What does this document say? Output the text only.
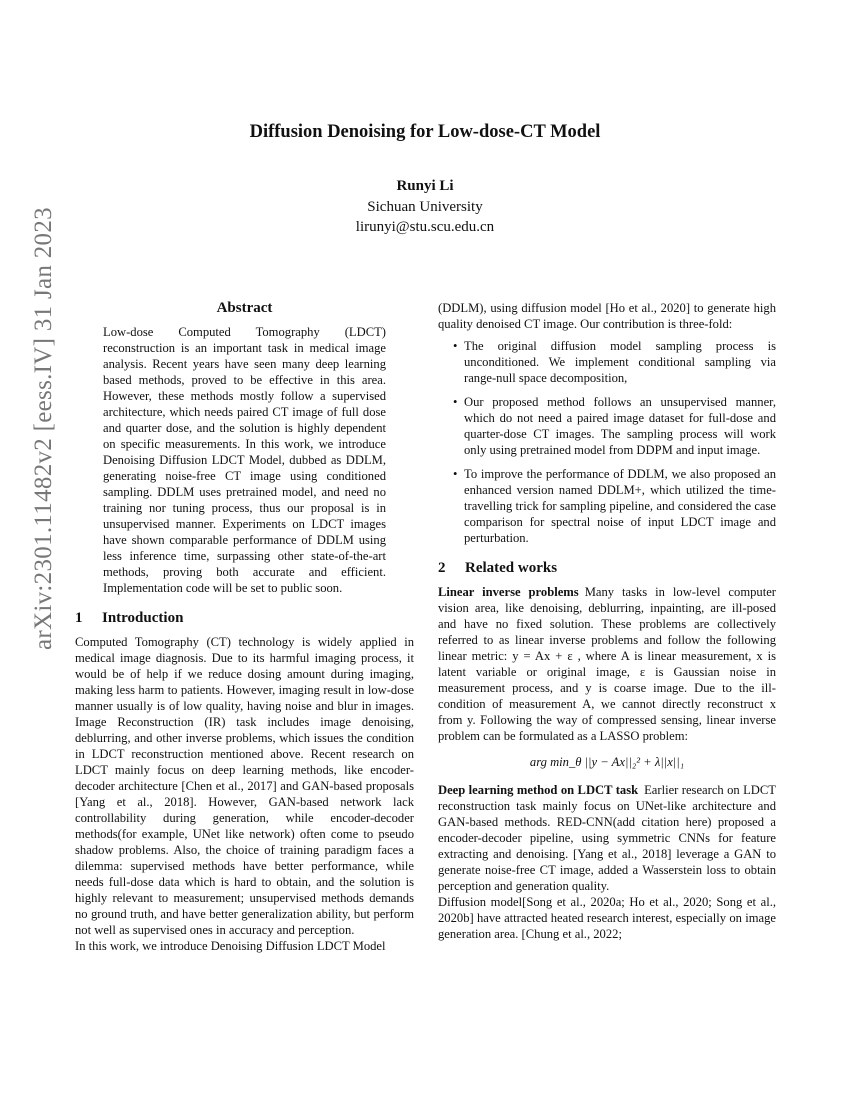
arXiv:2301.11482v2 [eess.IV] 31 Jan 2023
Diffusion Denoising for Low-dose-CT Model
Runyi Li
Sichuan University
lirunyi@stu.scu.edu.cn
Abstract

Low-dose Computed Tomography (LDCT) reconstruction is an important task in medical image analysis. Recent years have seen many deep learning based methods, proved to be effective in this area. However, these methods mostly follow a supervised architecture, which needs paired CT image of full dose and quarter dose, and the solution is highly dependent on specific measurements. In this work, we introduce Denoising Diffusion LDCT Model, dubbed as DDLM, generating noise-free CT image using conditioned sampling. DDLM uses pretrained model, and need no training nor tuning process, thus our proposal is in unsupervised manner. Experiments on LDCT images have shown comparable performance of DDLM using less inference time, surpassing other state-of-the-art methods, proving both accurate and efficient. Implementation code will be set to public soon.

1 Introduction

Computed Tomography (CT) technology is widely applied in medical image diagnosis. Due to its harmful imaging process, it would be of help if we reduce dosing amount during imaging, making less harm to patients. However, imaging result in low-dose manner usually is of low quality, having noise and blur in images. Image Reconstruction (IR) task includes image denoising, deblurring, and other inverse problems, which issues the condition in LDCT reconstruction mentioned above. Recent research on LDCT mainly focus on deep learning methods, like encoder-decoder architecture [Chen et al., 2017] and GAN-based proposals [Yang et al., 2018]. However, GAN-based network lack controllability during generation, while encoder-decoder methods(for example, UNet like network) often come to pseudo shadow problems. Also, the choice of training paradigm faces a dilemma: supervised methods have better performance, while needs full-dose data which is hard to obtain, and the solution is highly relevant to measurement; unsupervised methods demands no ground truth, and have better generalization ability, but perform not well as supervised ones in accuracy and perception.

In this work, we introduce Denoising Diffusion LDCT Model

(DDLM), using diffusion model [Ho et al., 2020] to generate high quality denoised CT image. Our contribution is three-fold:

• The original diffusion model sampling process is unconditioned. We implement conditional sampling via range-null space decomposition,
• Our proposed method follows an unsupervised manner, which do not need a paired image dataset for full-dose and quarter-dose CT images. The sampling process will work only using pretrained model from DDPM and input image.
• To improve the performance of DDLM, we also proposed an enhanced version named DDLM+, which utilized the time-travelling trick for sampling pipeline, and considered the case comparison for spectral noise of input LDCT image and perturbation.
2 Related works

Linear inverse problems Many tasks in low-level computer vision area, like denoising, deblurring, inpainting, are ill-posed and have no fixed solution. These problems are collectively referred to as linear inverse problems and follow the following linear metric: y = Ax + ε , where A is linear measurement, x is latent variable or original image, ε is Gaussian noise in measurement process, and y is coarse image. Due to the ill-condition of measurement A, we cannot directly reconstruct x from y. Following the way of compressed sensing, linear inverse problem can be formulated as a LASSO problem:

arg min_θ ||y − Ax||₂² + λ||x||₁

Deep learning method on LDCT task Earlier research on LDCT reconstruction task mainly focus on UNet-like architecture and GAN-based methods. RED-CNN(add citation here) proposed a encoder-decoder pipeline, using symmetric CNNs for feature extracting and denoising. [Yang et al., 2018] leverage a GAN to generate noise-free CT image, added a Wasserstein loss to obtain perception and generation quality.

Diffusion model[Song et al., 2020a; Ho et al., 2020; Song et al., 2020b] have attracted heated research interest, especially on image generation area. [Chung et al., 2022;
